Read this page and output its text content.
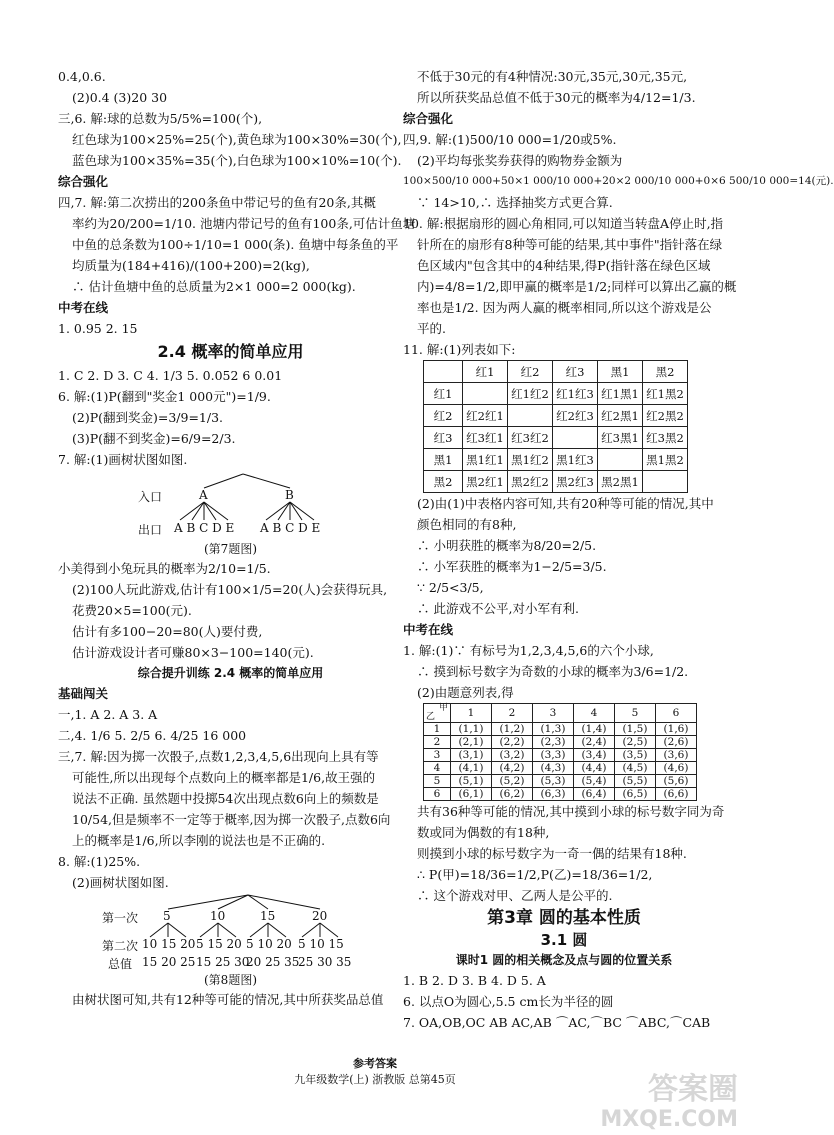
0.4,0.6.
(2)0.4 (3)20 30
三,6. 解:球的总数为5/5%=100(个),
红色球为100×25%=25(个),黄色球为100×30%=30(个),
蓝色球为100×35%=35(个),白色球为100×10%=10(个).
综合强化
四,7. 解:第二次捞出的200条鱼中带记号的鱼有20条,其概
率约为20/200=1/10. 池塘内带记号的鱼有100条,可估计鱼塘
中鱼的总条数为100÷1/10=1 000(条). 鱼塘中每条鱼的平
均质量为(184+416)/(100+200)=2(kg),
∴ 估计鱼塘中鱼的总质量为2×1 000=2 000(kg).
中考在线
1. 0.95 2. 15
2.4 概率的简单应用
1. C 2. D 3. C 4. 1/3 5. 0.052 6 0.01
6. 解:(1)P(翻到"奖金1 000元")=1/9.
(2)P(翻到奖金)=3/9=1/3.
(3)P(翻不到奖金)=6/9=2/3.
7. 解:(1)画树状图如图.
入口	A	B
出口 A B C D E A B C D E
(第7题图)
小美得到小兔玩具的概率为2/10=1/5.
(2)100人玩此游戏,估计有100×1/5=20(人)会获得玩具,
花费20×5=100(元).
估计有多100−20=80(人)要付费,
估计游戏设计者可赚80×3−100=140(元).
综合提升训练 2.4 概率的简单应用
基础闯关
一,1. A 2. A 3. A
二,4. 1/6 5. 2/5 6. 4/25 16 000
三,7. 解:因为掷一次骰子,点数1,2,3,4,5,6出现向上具有等
可能性,所以出现每个点数向上的概率都是1/6,故王强的
说法不正确. 虽然题中投掷54次出现点数6向上的频数是
10/54,但是频率不一定等于概率,因为掷一次骰子,点数6向
上的概率是1/6,所以李刚的说法也是不正确的.
8. 解:(1)25%.
(2)画树状图如图.
第一次 5	10	15	20
第二次 10 15 20 5 15 20 5 10 20 5 10 15
总值 15 20 25 15 25 30
20 25 35
25 30 35
(第8题图)
由树状图可知,共有12种等可能的情况,其中所获奖品总值
不低于30元的有4种情况:30元,35元,30元,35元,
所以所获奖品总值不低于30元的概率为4/12=1/3.
综合强化
四,9. 解:(1)500/10 000=1/20或5%.
(2)平均每张奖券获得的购物券金额为
100×500/10 000+50×1 000/10 000+20×2 000/10 000+0×6 500/10 000=14(元).
∵ 14>10,∴ 选择抽奖方式更合算.
10. 解:根据扇形的圆心角相同,可以知道当转盘A停止时,指
针所在的扇形有8种等可能的结果,其中事件"指针落在绿
色区域内"包含其中的4种结果,得P(指针落在绿色区域
内)=4/8=1/2,即甲赢的概率是1/2;同样可以算出乙赢的概
率也是1/2. 因为两人赢的概率相同,所以这个游戏是公
平的.
11. 解:(1)列表如下:
	红1	红2	红3	黑1	黑2
红1		红1红2	红1红3	红1黑1	红1黑2
红2	红2红1		红2红3	红2黑1	红2黑2
红3	红3红1	红3红2		红3黑1	红3黑2
黑1	黑1红1	黑1红2	黑1红3		黑1黑2
黑2	黑2红1	黑2红2	黑2红3	黑2黑1	
(2)由(1)中表格内容可知,共有20种等可能的情况,其中
颜色相同的有8种,
∴ 小明获胜的概率为8/20=2/5.
∴ 小军获胜的概率为1−2/5=3/5.
∵ 2/5<3/5,
∴ 此游戏不公平,对小军有利.
中考在线
1. 解:(1)∵ 有标号为1,2,3,4,5,6的六个小球,
∴ 摸到标号数字为奇数的小球的概率为3/6=1/2.
(2)由题意列表,得
甲
乙	1	2	3	4	5	6
1	(1,1)	(1,2)	(1,3)	(1,4)	(1,5)	(1,6)
2	(2,1)	(2,2)	(2,3)	(2,4)	(2,5)	(2,6)
3	(3,1)	(3,2)	(3,3)	(3,4)	(3,5)	(3,6)
4	(4,1)	(4,2)	(4,3)	(4,4)	(4,5)	(4,6)
5	(5,1)	(5,2)	(5,3)	(5,4)	(5,5)	(5,6)
6	(6,1)	(6,2)	(6,3)	(6,4)	(6,5)	(6,6)
共有36种等可能的情况,其中摸到小球的标号数字同为奇
数或同为偶数的有18种,
则摸到小球的标号数字为一奇一偶的结果有18种.
∴ P(甲)=18/36=1/2,P(乙)=18/36=1/2,
∴ 这个游戏对甲、乙两人是公平的.
第3章 圆的基本性质
3.1 圆
课时1 圆的相关概念及点与圆的位置关系
1. B 2. D 3. B 4. D 5. A
6. 以点O为圆心,5.5 cm长为半径的圆
7. OA,OB,OC AB AC,AB ⌒AC,⌒BC ⌒ABC,⌒CAB
参考答案
九年级数学(上) 浙教版 总第45页	答案圈
MXQE.COM
